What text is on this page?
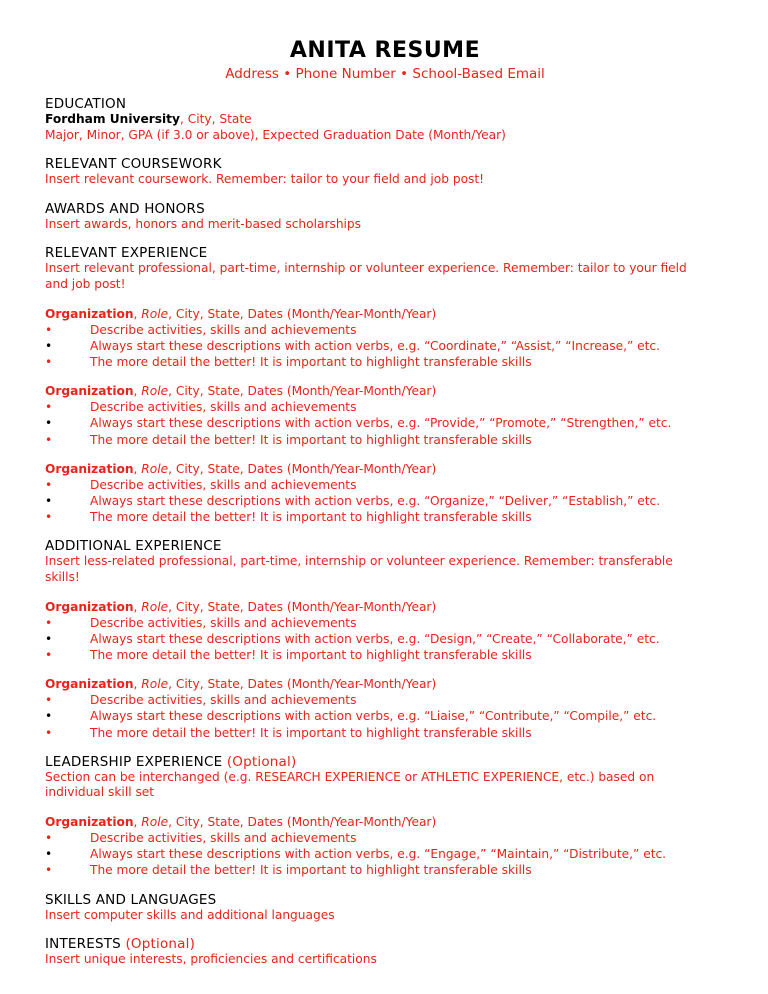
ANITA RESUME
Address • Phone Number • School-Based Email
EDUCATION
Fordham University, City, State
Major, Minor, GPA (if 3.0 or above), Expected Graduation Date (Month/Year)
RELEVANT COURSEWORK
Insert relevant coursework. Remember: tailor to your field and job post!
AWARDS AND HONORS
Insert awards, honors and merit-based scholarships
RELEVANT EXPERIENCE
Insert relevant professional, part-time, internship or volunteer experience. Remember: tailor to your field
and job post!
Organization, Role, City, State, Dates (Month/Year-Month/Year)
•	Describe activities, skills and achievements
•	Always start these descriptions with action verbs, e.g. “Coordinate,” “Assist,” “Increase,” etc.
•	The more detail the better! It is important to highlight transferable skills
Organization, Role, City, State, Dates (Month/Year-Month/Year)
•	Describe activities, skills and achievements
•	Always start these descriptions with action verbs, e.g. “Provide,” “Promote,” “Strengthen,” etc.
•	The more detail the better! It is important to highlight transferable skills
Organization, Role, City, State, Dates (Month/Year-Month/Year)
•	Describe activities, skills and achievements
•	Always start these descriptions with action verbs, e.g. “Organize,” “Deliver,” “Establish,” etc.
•	The more detail the better! It is important to highlight transferable skills
ADDITIONAL EXPERIENCE
Insert less-related professional, part-time, internship or volunteer experience. Remember: transferable
skills!
Organization, Role, City, State, Dates (Month/Year-Month/Year)
•	Describe activities, skills and achievements
•	Always start these descriptions with action verbs, e.g. “Design,” “Create,” “Collaborate,” etc.
•	The more detail the better! It is important to highlight transferable skills
Organization, Role, City, State, Dates (Month/Year-Month/Year)
•	Describe activities, skills and achievements
•	Always start these descriptions with action verbs, e.g. “Liaise,” “Contribute,” “Compile,” etc.
•	The more detail the better! It is important to highlight transferable skills
LEADERSHIP EXPERIENCE (Optional)
Section can be interchanged (e.g. RESEARCH EXPERIENCE or ATHLETIC EXPERIENCE, etc.) based on
individual skill set
Organization, Role, City, State, Dates (Month/Year-Month/Year)
•	Describe activities, skills and achievements
•	Always start these descriptions with action verbs, e.g. “Engage,” “Maintain,” “Distribute,” etc.
•	The more detail the better! It is important to highlight transferable skills
SKILLS AND LANGUAGES
Insert computer skills and additional languages
INTERESTS (Optional)
Insert unique interests, proficiencies and certifications
